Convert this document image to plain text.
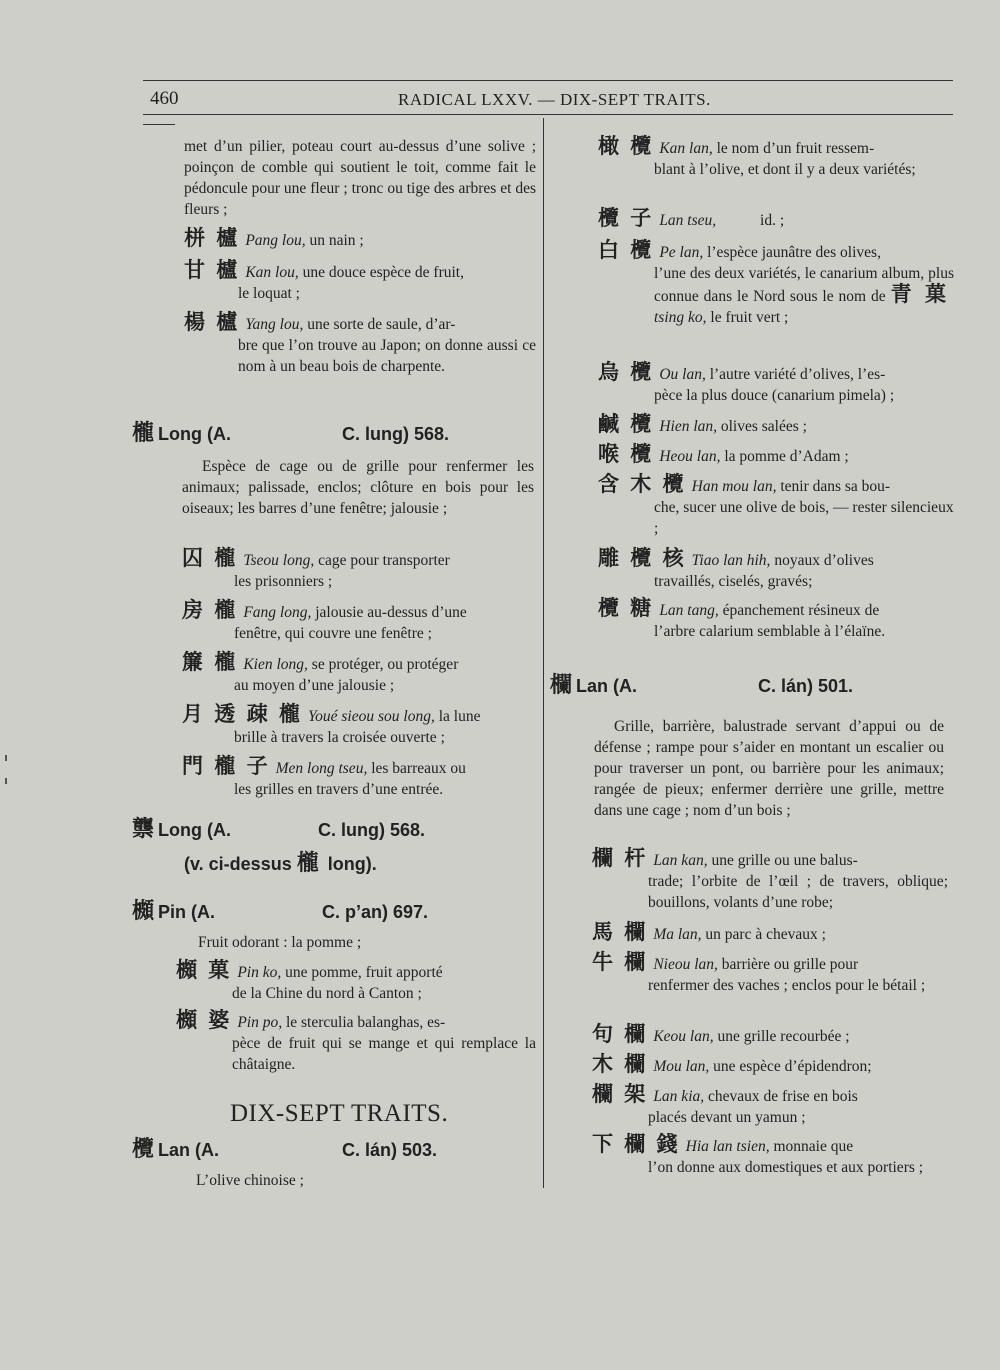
460	RADICAL LXXV. — DIX-SEPT TRAITS.
met d’un pilier, poteau court au-dessus d’une solive ; poinçon de comble qui soutient le toit, comme fait le pédoncule pour une fleur ; tronc ou tige des arbres et des fleurs ;
栟 櫨 Pang lou, un nain ;
甘 櫨 Kan lou, une douce espèce de fruit,
le loquat ;
楊 櫨 Yang lou, une sorte de saule, d’ar-
bre que l’on trouve au Japon; on donne aussi ce nom à un beau bois de charpente.
櫳 Long (A.	C. lung) 568.
Espèce de cage ou de grille pour renfermer les animaux; palissade, enclos; clôture en bois pour les oiseaux; les barres d’une fenêtre; jalousie ;
囚 櫳 Tseou long, cage pour transporter
les prisonniers ;
房 櫳 Fang long, jalousie au-dessus d’une
fenêtre, qui couvre une fenêtre ;
簾 櫳 Kien long, se protéger, ou protéger
au moyen d’une jalousie ;
月 透 疎 櫳 Youé sieou sou long, la lune
brille à travers la croisée ouverte ;
門 櫳 子 Men long tseu, les barreaux ou
les grilles en travers d’une entrée.
龒 Long (A.	C. lung) 568.
(v. ci-dessus 櫳 long).
櫇 Pin (A.	C. p’an) 697.
Fruit odorant : la pomme ;
櫇 菓 Pin ko, une pomme, fruit apporté
de la Chine du nord à Canton ;
櫇 婆 Pin po, le sterculia balanghas, es-
pèce de fruit qui se mange et qui remplace la châtaigne.
DIX-SEPT TRAITS.
欖 Lan (A.	C. lán) 503.
L’olive chinoise ;
橄 欖 Kan lan, le nom d’un fruit ressem-
blant à l’olive, et dont il y a deux variétés;
欖 子 Lan tseu,	id. ;
白 欖 Pe lan, l’espèce jaunâtre des olives,
l’une des deux variétés, le canarium album, plus connue dans le Nord sous le nom de 青 菓 tsing ko, le fruit vert ;
烏 欖 Ou lan, l’autre variété d’olives, l’es-
pèce la plus douce (canarium pimela) ;
鹹 欖 Hien lan, olives salées ;
喉 欖 Heou lan, la pomme d’Adam ;
含 木 欖 Han mou lan, tenir dans sa bou-
che, sucer une olive de bois, — rester silencieux ;
雕 欖 核 Tiao lan hih, noyaux d’olives
travaillés, ciselés, gravés;
欖 糖 Lan tang, épanchement résineux de
l’arbre calarium semblable à l’élaïne.
欄 Lan (A.	C. lán) 501.
Grille, barrière, balustrade servant d’appui ou de défense ; rampe pour s’aider en montant un escalier ou pour traverser un pont, ou barrière pour les animaux; rangée de pieux; enfermer derrière une grille, mettre dans une cage ; nom d’un bois ;
欄 杆 Lan kan, une grille ou une balus-
trade; l’orbite de l’œil ; de travers, oblique; bouillons, volants d’une robe;
馬 欄 Ma lan, un parc à chevaux ;
牛 欄 Nieou lan, barrière ou grille pour
renfermer des vaches ; enclos pour le bétail ;
句 欄 Keou lan, une grille recourbée ;
木 欄 Mou lan, une espèce d’épidendron;
欄 架 Lan kia, chevaux de frise en bois
placés devant un yamun ;
下 欄 錢 Hia lan tsien, monnaie que
l’on donne aux domestiques et aux portiers ;
